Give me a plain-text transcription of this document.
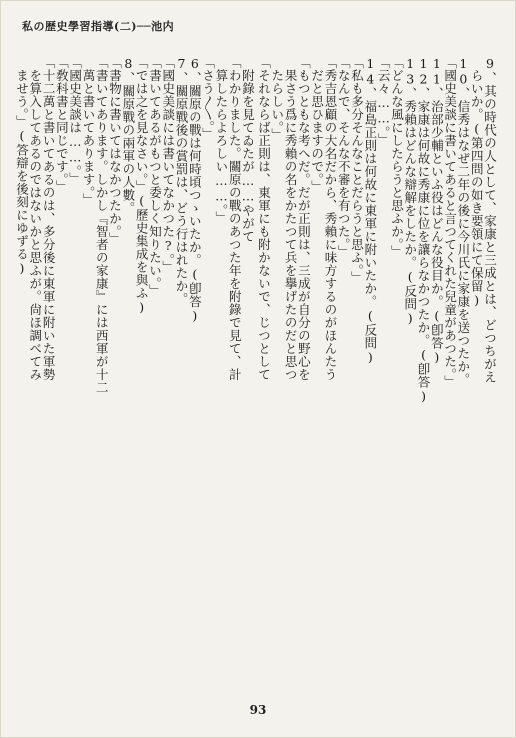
私の歴史學習指導(二)──池内
9、其の時代の人として、家康と三成とは、どつちがえ
　らいか。(第四問の如き要領にて保留)
10、信秀はなぜ二年の後に今川氏に家康を送つたか。
「國史美談に書いてあると言つてくれた兒童があつた。」
11、治部少輔といふ役はどんな役目か。(卽答)
12、家康は何故に秀康に位を讓らなかつたか。(卽答)
13、秀賴はどんな辯解をしたか。(反問)
「どんな風にしたらうと思ふか。」
「云々……。」
14、福島正則は何故に東軍に附いたか。(反問)
「私も多分そんなことだらうと思ふ。」
「なんで、そんな不審を有つた。」
「秀吉恩顧の大名だから、秀賴に味方するのがほんたう
　だと思ひますので。」
「もつともな考へだ。だが正則は、三成が自分の野心を
　果さう爲に秀賴の名をかたつて兵を擧げたのだと思つ
　たらしい。」
「それならば正則は、東軍にも附かないで、じつとして
　附錄を見てゐたが……やがて
「わかりました。關原の戰のあつた年を附錄で見て、計
　算したらよろしい……。」
「さう〳〵。」
6、關原の戰は何時頃つゝいたか。(卽答)
7、關原戰後の賞罰は、どう行はれたか。
「國史美談には書いてなかつた?。」
「書いてあるがもつと委しく知りたい。」
「では之を見なさい。」(歷史集成を與ふ)
8、關原戰の兩軍の人數。
「書物に書いてはなかつたか。」
「書いてあります。しかし『智者の家康』には西軍が十二
　萬と書いてあります。」
「國史美談は……。」
「敎科書と同じです。」
「十二萬と書いてあるのは、多分後に東軍に附いた軍勢
　を算入してあるのではないかと思ふが。尙ほ調べてみ
　ませう。」(答辯を後刻にゆずる)
93
